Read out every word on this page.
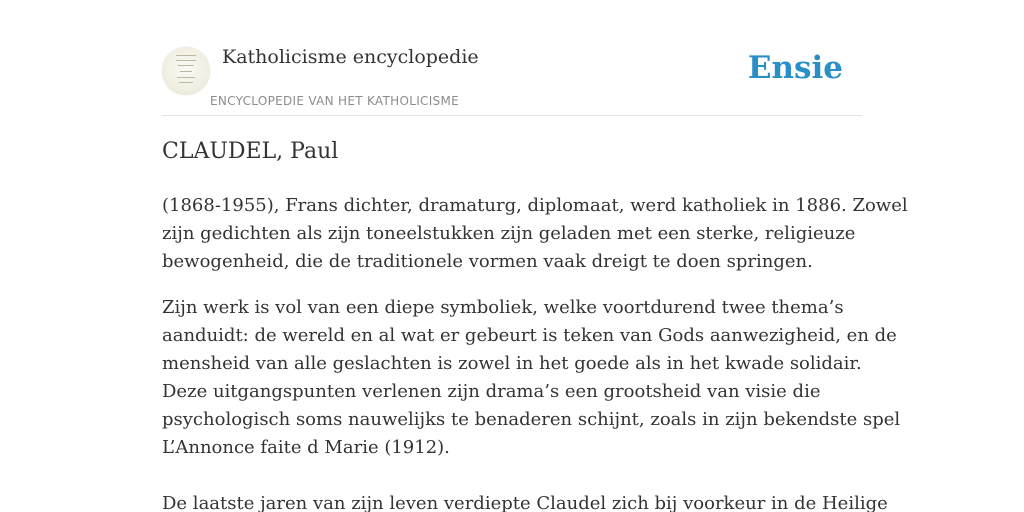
Katholicisme encyclopedie
ENCYCLOPEDIE VAN HET KATHOLICISME
Ensie
CLAUDEL, Paul

(1868-1955), Frans dichter, dramaturg, diplomaat, werd katholiek in 1886. Zowel
zijn gedichten als zijn toneelstukken zijn geladen met een sterke, religieuze
bewogenheid, die de traditionele vormen vaak dreigt te doen springen.

Zijn werk is vol van een diepe symboliek, welke voortdurend twee thema’s
aanduidt: de wereld en al wat er gebeurt is teken van Gods aanwezigheid, en de
mensheid van alle geslachten is zowel in het goede als in het kwade solidair.
Deze uitgangspunten verlenen zijn drama’s een grootsheid van visie die
psychologisch soms nauwelijks te benaderen schijnt, zoals in zijn bekendste spel
L’Annonce faite d Marie (1912).
De laatste jaren van zijn leven verdiepte Claudel zich bij voorkeur in de Heilige
